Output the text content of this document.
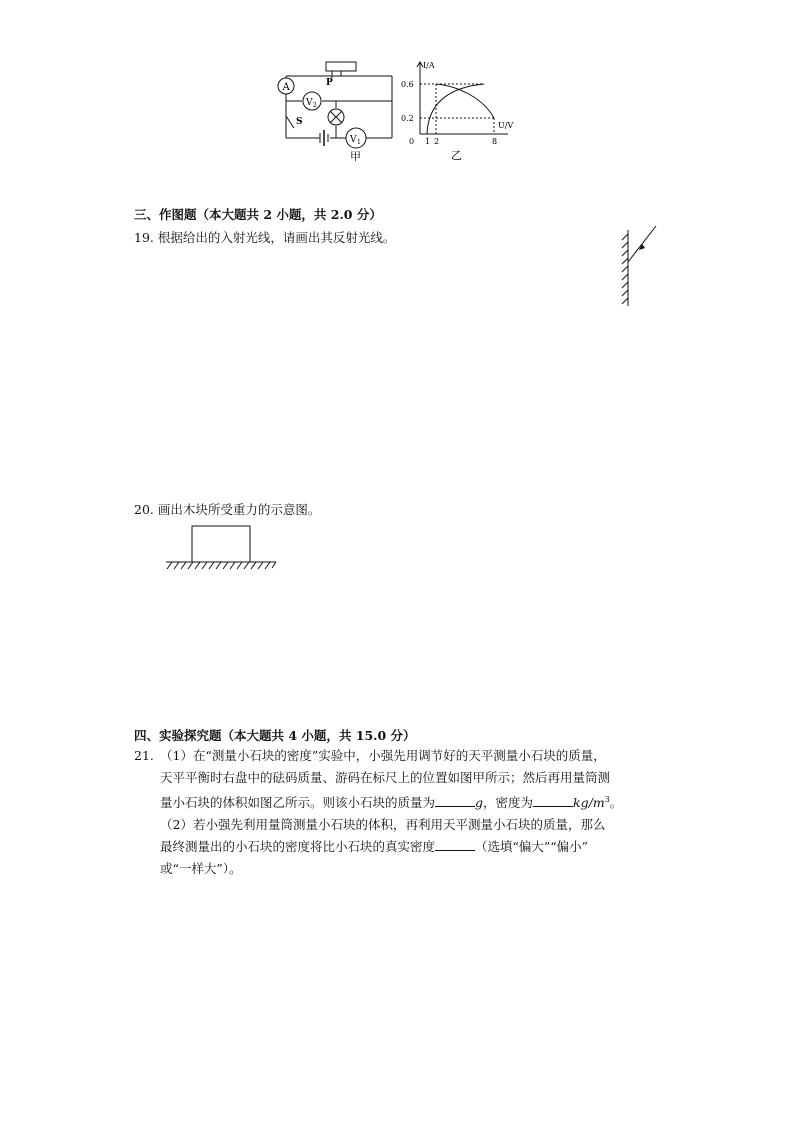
A
V 2
V 1
P
S
甲
I/A
U/V
0.6
0.2
0 1 2	8
乙
三、作图题（本大题共 2 小题，共 2.0 分）
19. 根据给出的入射光线，请画出其反射光线。
20. 画出木块所受重力的示意图。
四、实验探究题（本大题共 4 小题，共 15.0 分）
21. （1）在“测量小石块的密度”实验中，小强先用调节好的天平测量小石块的质量，
天平平衡时右盘中的砝码质量、游码在标尺上的位置如图甲所示；然后再用量筒测
量小石块的体积如图乙所示。则该小石块的质量为	g，密度为	$kg/m^3$。
（2）若小强先利用量筒测量小石块的体积，再利用天平测量小石块的质量，那么
最终测量出的小石块的密度将比小石块的真实密度	（选填“偏大”“偏小”
或“一样大”）。
